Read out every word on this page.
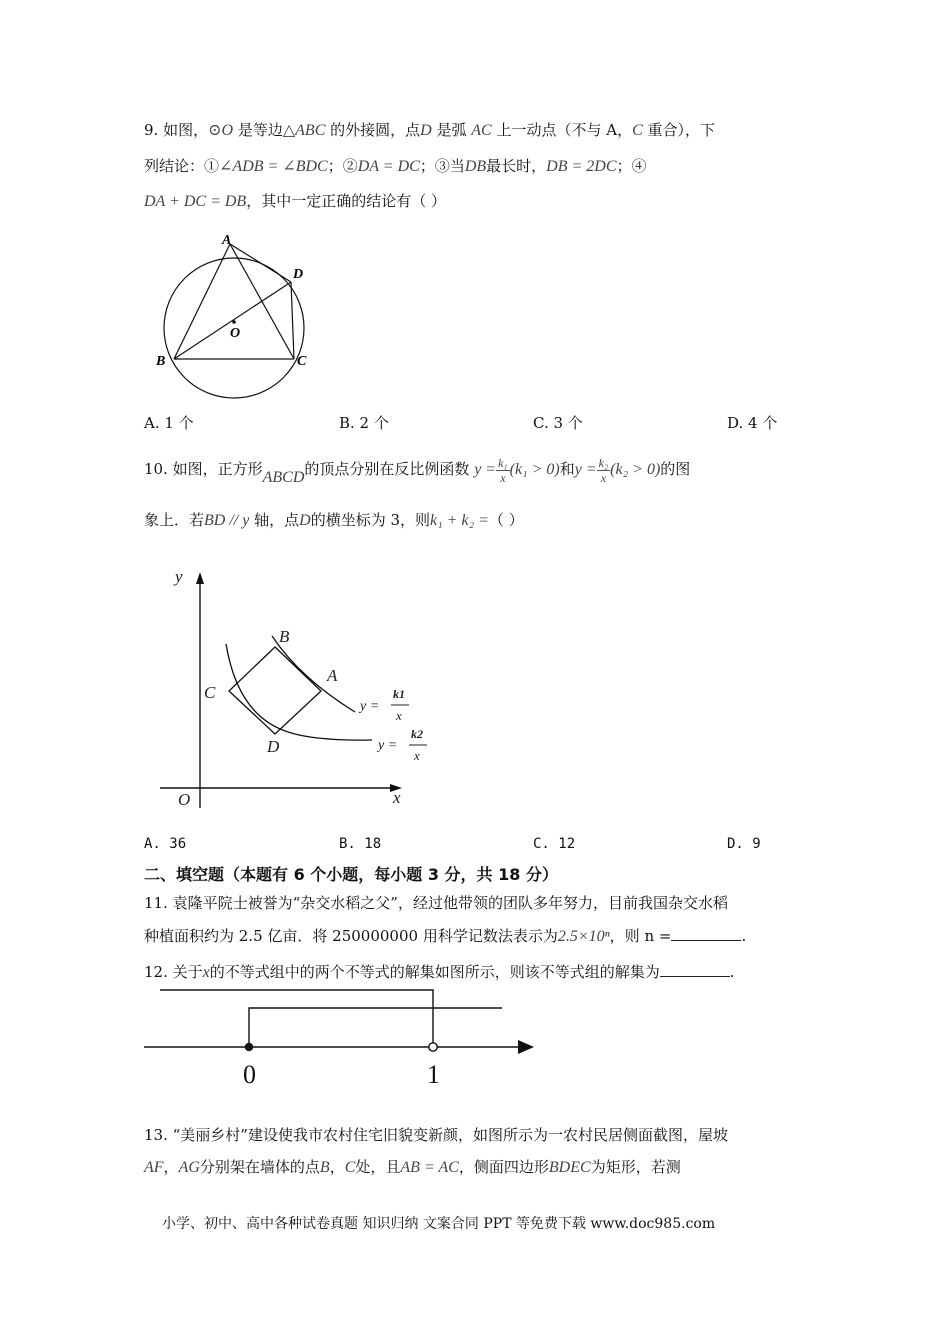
9. 如图，⊙O 是等边△ABC 的外接圆，点D 是弧 AC 上一动点（不与 A，C 重合），下
列结论：①∠ADB = ∠BDC；②DA = DC；③当DB最长时，DB = 2DC；④
DA + DC = DB，其中一定正确的结论有（ ）
A
D
B	C
O
A. 1 个	B. 2 个	C. 3 个	D. 4 个
10. 如图，正方形ABCD的顶点分别在反比例函数 $y = \frac{\text{k₁}}{x} (k_1 > 0)$和$y = \frac{\text{k₂}}{x} (k_2 > 0)$的图
象上．若BD // y 轴，点D的横坐标为 3，则k₁ + k₂ =（ ）
y
x
O
B
A
C
D
y =
k1
x
y =
k2
x
A. 36	B. 18	C. 12	D. 9
二、填空题（本题有 6 个小题，每小题 3 分，共 18 分）
11. 袁隆平院士被誉为“杂交水稻之父”，经过他带领的团队多年努力，目前我国杂交水稻
种植面积约为 2.5 亿亩．将 250000000 用科学记数法表示为2.5×10ⁿ，则 n =	.
12. 关于x的不等式组中的两个不等式的解集如图所示，则该不等式组的解集为	.
0	1
13. “美丽乡村”建设使我市农村住宅旧貌变新颜，如图所示为一农村民居侧面截图，屋坡
AF，AG分别架在墙体的点B，C处，且AB = AC，侧面四边形BDEC为矩形，若测
小学、初中、高中各种试卷真题 知识归纳 文案合同 PPT 等免费下载 www.doc985.com
